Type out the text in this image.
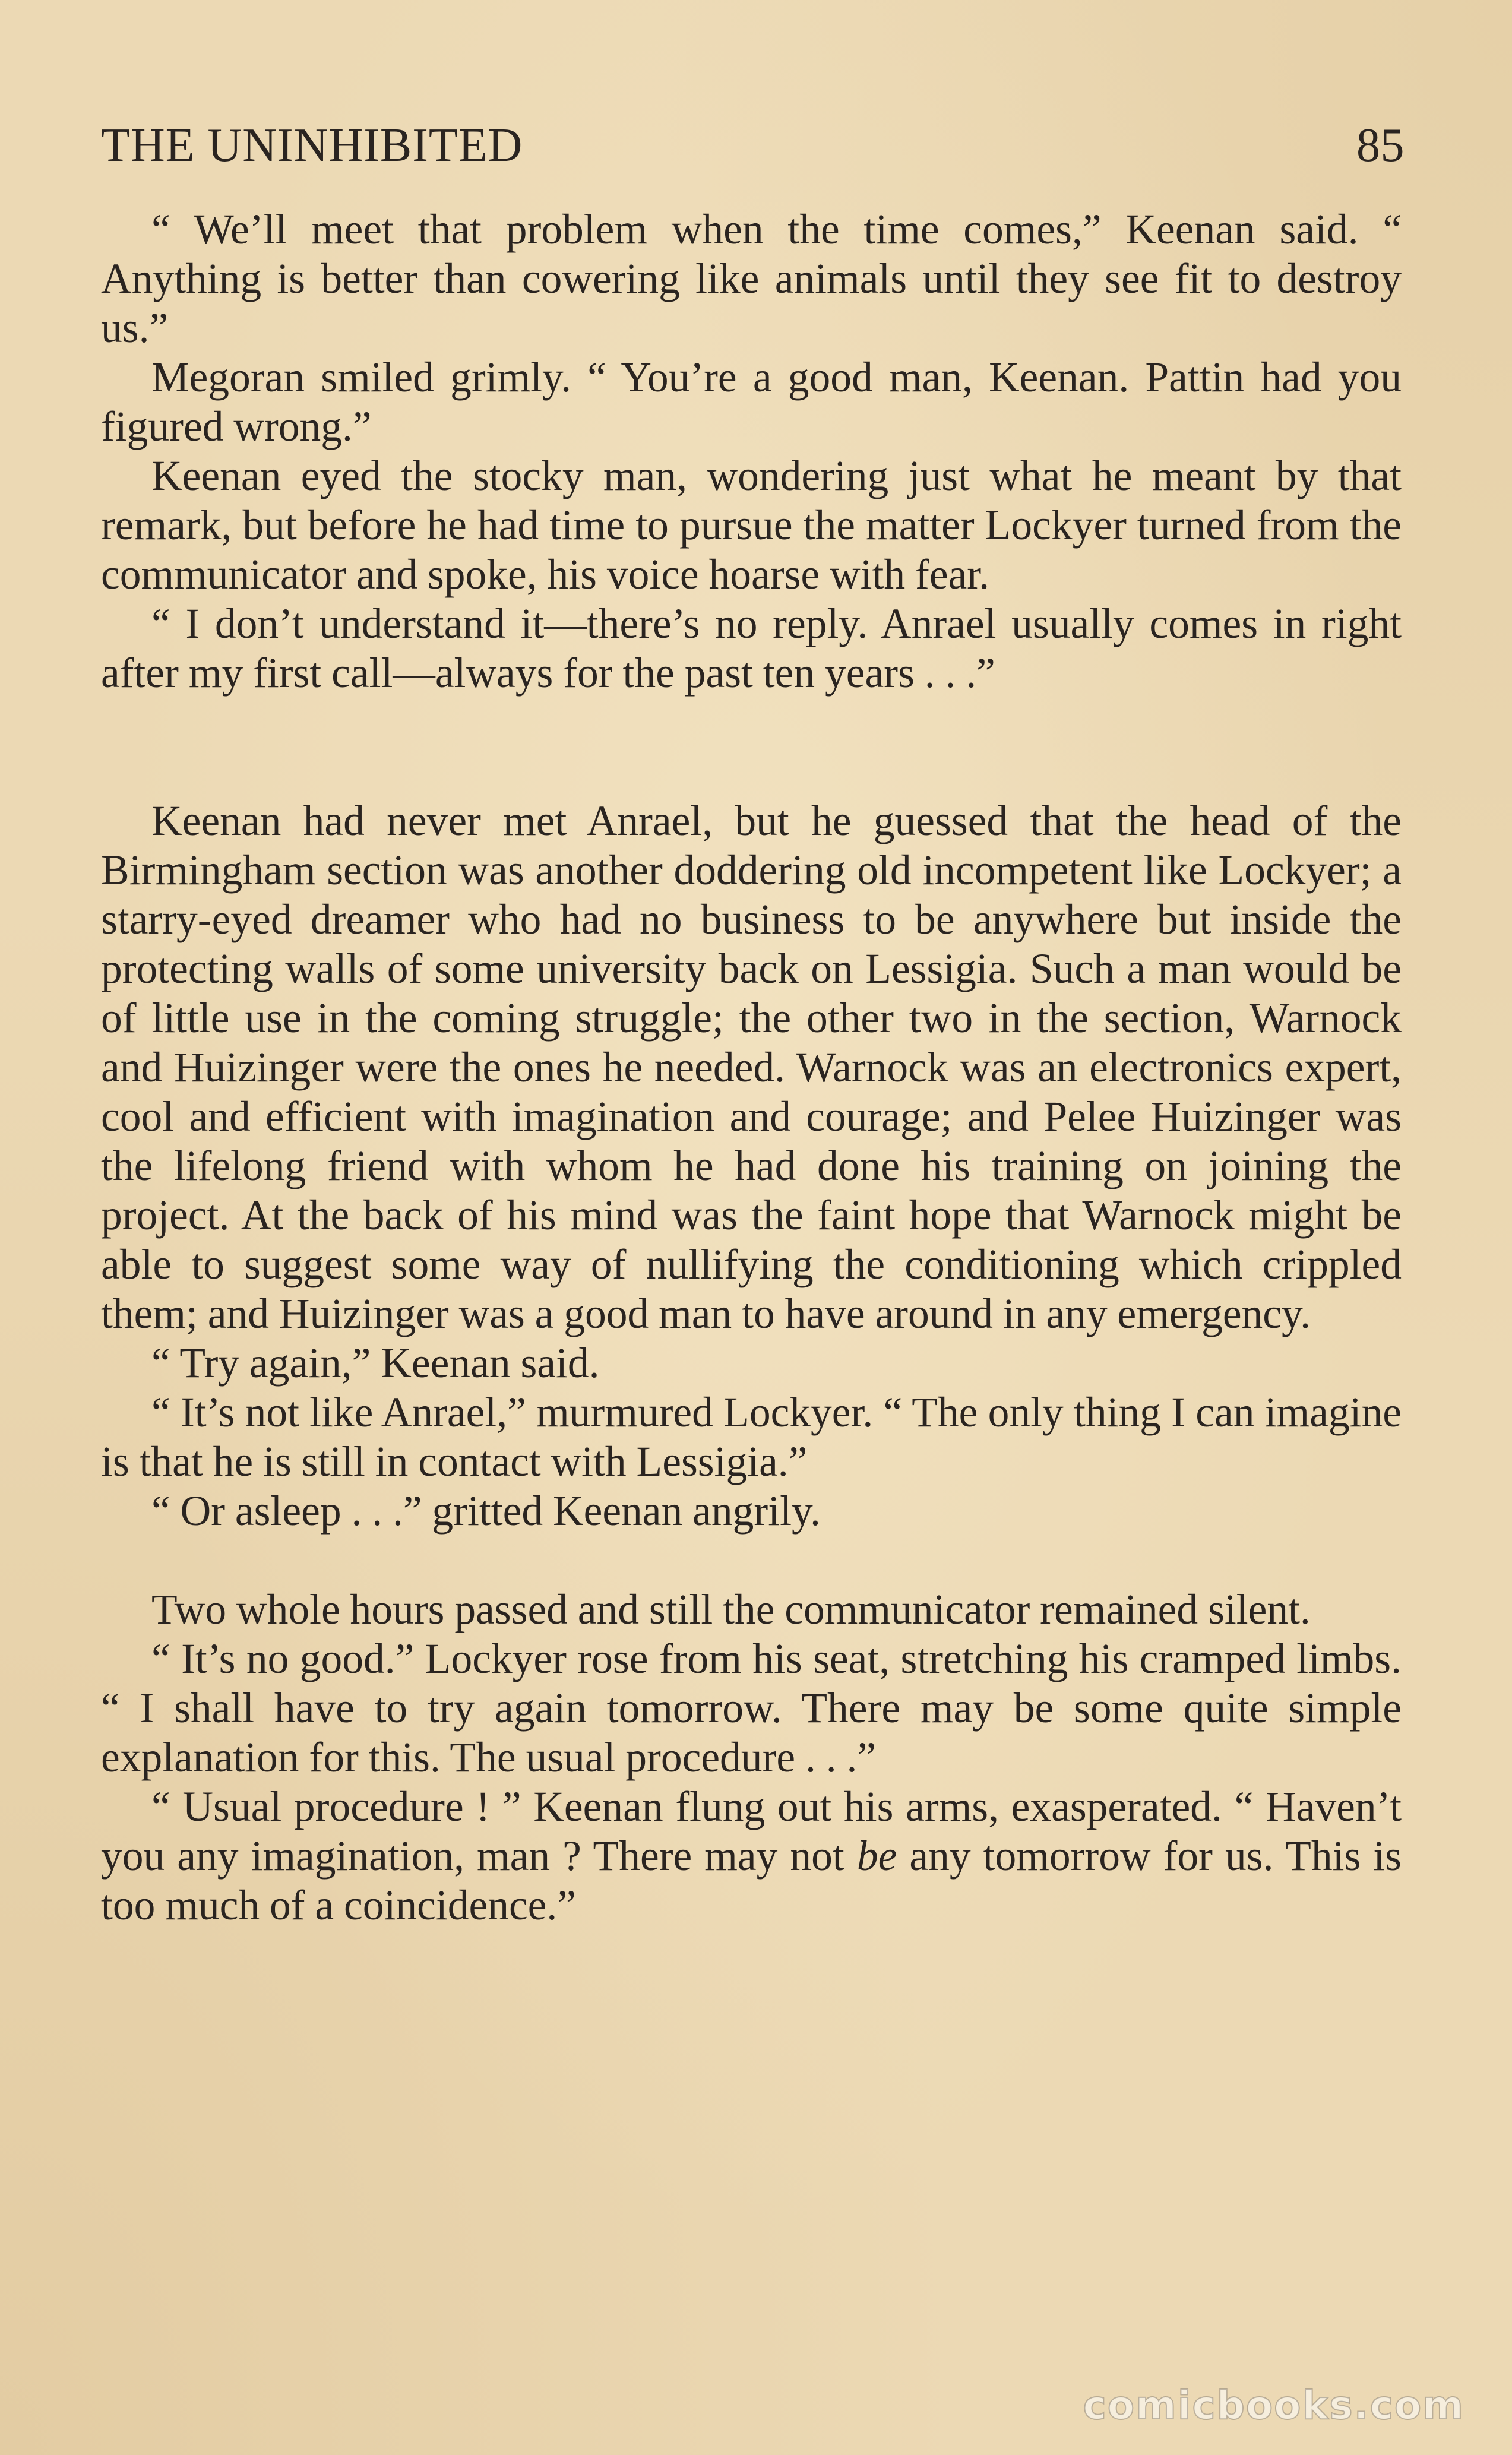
THE UNINHIBITED	85

“ We’ll meet that problem when the time comes,” Keenan said. “ Anything is better than cowering like animals until they see fit to destroy us.”

Megoran smiled grimly. “ You’re a good man, Keenan. Pattin had you figured wrong.”

Keenan eyed the stocky man, wondering just what he meant by that remark, but before he had time to pursue the matter Lockyer turned from the communicator and spoke, his voice hoarse with fear.

“ I don’t understand it—there’s no reply. Anrael usually comes in right after my first call—always for the past ten years . . .”

Keenan had never met Anrael, but he guessed that the head of the Birmingham section was another doddering old incompetent like Lockyer; a starry-eyed dreamer who had no business to be anywhere but inside the protecting walls of some university back on Lessigia. Such a man would be of little use in the coming struggle; the other two in the section, Warnock and Huizinger were the ones he needed. Warnock was an electronics expert, cool and efficient with imagination and courage; and Pelee Huizinger was the lifelong friend with whom he had done his training on joining the project. At the back of his mind was the faint hope that Warnock might be able to suggest some way of nullifying the conditioning which crippled them; and Huizinger was a good man to have around in any emergency.

“ Try again,” Keenan said.

“ It’s not like Anrael,” murmured Lockyer. “ The only thing I can imagine is that he is still in contact with Lessigia.”

“ Or asleep . . .” gritted Keenan angrily.

Two whole hours passed and still the communicator remained silent.

“ It’s no good.” Lockyer rose from his seat, stretching his cramped limbs. “ I shall have to try again tomorrow. There may be some quite simple explanation for this. The usual procedure . . .”

“ Usual procedure ! ” Keenan flung out his arms, exasperated. “ Haven’t you any imagination, man ? There may not be any tomorrow for us. This is too much of a coincidence.”

comicbooks.com
